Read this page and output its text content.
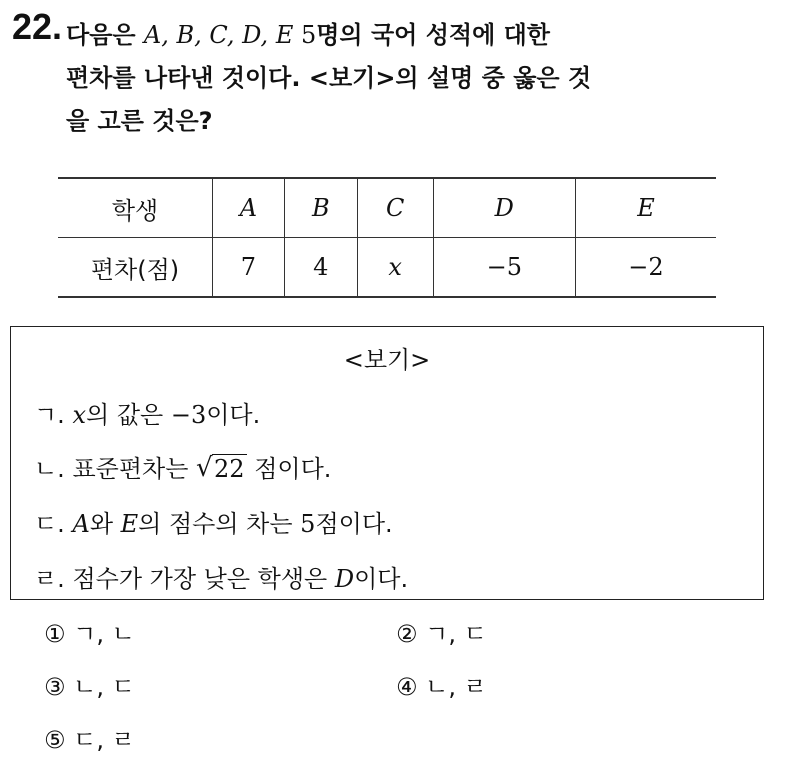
22. 다음은 A, B, C, D, E 5명의 국어 성적에 대한
편차를 나타낸 것이다. <보기>의 설명 중 옳은 것
을 고른 것은?
학생	A	B	C	D	E
편차(점)	7	4	x	−5	−2
<보기>
ㄱ. x의 값은 −3이다.
ㄴ. 표준편차는 √ 22 점이다.
ㄷ. A와 E의 점수의 차는 5점이다.
ㄹ. 점수가 가장 낮은 학생은 D이다.
① ㄱ, ㄴ	② ㄱ, ㄷ
③ ㄴ, ㄷ	④ ㄴ, ㄹ
⑤ ㄷ, ㄹ
